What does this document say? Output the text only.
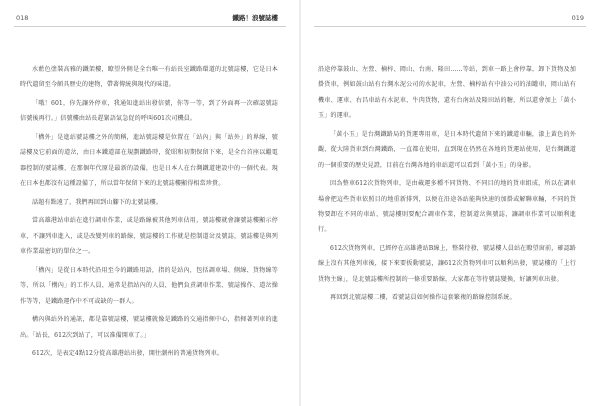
018	鐵路！浪號誌樓

水藍色塗裝高雅的鐵架樓，瞭望外側是全台唯一有站長室鐵路環道的北號誌樓，它是日本時代遺留至今頗具歷史的建物，帶著傳統與現代的味道。

「哦！601，你先讓外停車，我通知進站出發信號，你等一等，到了外面再一次確認號誌信號後再行。」信號樓由站長趕緊語氣急促的呼叫601次司機員。

「構外」是進站號誌樓之外的簡稱，進站號誌樓是位置在「站內」與「站外」的界線，號誌樓及它前面的道岔，由日本鐵道部在規劃鐵路時，從昭和初期保留下來，是全台首座以繼電器控制的號誌樓，在那個年代原是最新的設備，也是日本人在台灣鐵道建設中的一個代表。現在日本也都沒有這種設備了，所以當年保留下來的北號誌樓顯得相當珍貴。

話題有點遠了，我們再回到山腳下的北號誌樓。

當高雄港站車站在進行調車作業，或是路線被其他列車佔用，號誌樓就會讓號誌樓顯示停車，不讓列車進入，或是改變列車的路線，號誌樓的工作就是控制道岔及號誌，號誌樓是與列車作業最密切的單位之一。

「構內」是從日本時代沿用至今的鐵路用語，指的是站內，包括調車場、側線、貨物線等等，所以「構內」的工作人員，通常是指站內的人員，他們負責調車作業、號誌操作、道岔操作等等，是鐵路運作中不可或缺的一群人。

構內與站外的通訊，都是靠號誌樓，號誌樓就像是鐵路的交通指揮中心，指揮著列車的進出。「站長，612次到站了，可以准備開車了。」

612次，是表定4點12分從高雄港站出發，開往潮州的普通貨物列車。

019

沿途停靠鼓山、左營、楠梓、岡山、台南、隆田……等站，到車一路上會停靠，卸下貨物及加掛貨車，例如鼓山站有台灣水泥公司的水泥車，左營、楠梓站有中油公司的油罐車，岡山站有機車、運車、右昌車站有水泥車、牛肉貨物，還有台南站及隆田站的糖，所以還會加上「黃小玉」的運車。

「黃小玉」是台灣鐵路局的貨運專用車，是日本時代遺留下來的鐵道車輛，漆上黃色的外觀，從大陸貨車到台灣鐵路，一直都在使用，直到現在仍然在各地的貨運站使用，是台灣鐵道的一個重要的歷史見證，目前在台灣各地的車站還可以看到「黃小玉」的身影。

因為整車612次貨物列車，是由載運多種不同貨物、不同目的地的貨車組成，所以在調車場會把這些貨車依照目的地重新排列，以便在沿途各站能夠快速的加掛或解聯車輛，不同的貨物要卸在不同的車站，號誌樓則要配合調車作業，控制道岔與號誌，讓調車作業可以順利進行。

612次貨物列車，已經停在高雄港站B線上，整裝待發，號誌樓人員站在瞭望窗前，確認路線上沒有其他列車後，接下來要扳動號誌，讓612次貨物列車可以順利出發，號誌樓的「上行貨物主線」，是北號誌樓所控制的一條重要路線，大家都在等待號誌變換，好讓列車出發。

再回到北號誌樓二樓，看號誌員如何操作這套繁複的路線控制系統。
